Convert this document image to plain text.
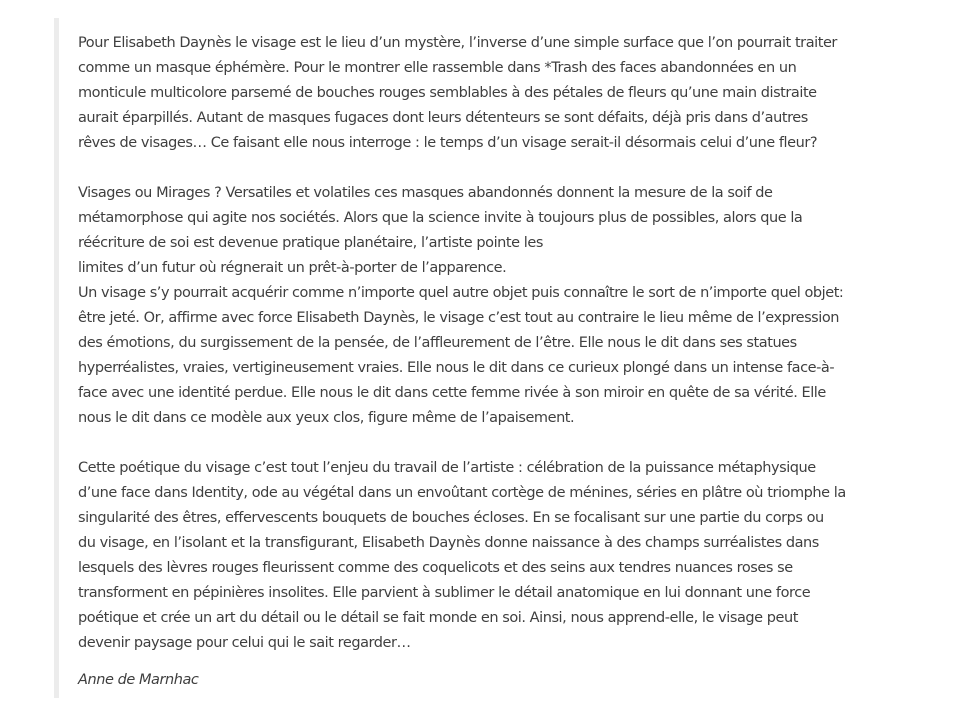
Pour Elisabeth Daynès le visage est le lieu d’un mystère, l’inverse d’une simple surface que l’on pourrait traiter
comme un masque éphémère. Pour le montrer elle rassemble dans *Trash des faces abandonnées en un
monticule multicolore parsemé de bouches rouges semblables à des pétales de fleurs qu’une main distraite
aurait éparpillés. Autant de masques fugaces dont leurs détenteurs se sont défaits, déjà pris dans d’autres
rêves de visages… Ce faisant elle nous interroge : le temps d’un visage serait-il désormais celui d’une fleur?

Visages ou Mirages ? Versatiles et volatiles ces masques abandonnés donnent la mesure de la soif de
métamorphose qui agite nos sociétés. Alors que la science invite à toujours plus de possibles, alors que la
réécriture de soi est devenue pratique planétaire, l’artiste pointe les
limites d’un futur où régnerait un prêt-à-porter de l’apparence.
Un visage s’y pourrait acquérir comme n’importe quel autre objet puis connaître le sort de n’importe quel objet:
être jeté. Or, affirme avec force Elisabeth Daynès, le visage c’est tout au contraire le lieu même de l’expression
des émotions, du surgissement de la pensée, de l’affleurement de l’être. Elle nous le dit dans ses statues
hyperréalistes, vraies, vertigineusement vraies. Elle nous le dit dans ce curieux plongé dans un intense face-à-
face avec une identité perdue. Elle nous le dit dans cette femme rivée à son miroir en quête de sa vérité. Elle
nous le dit dans ce modèle aux yeux clos, figure même de l’apaisement.

Cette poétique du visage c’est tout l’enjeu du travail de l’artiste : célébration de la puissance métaphysique
d’une face dans Identity, ode au végétal dans un envoûtant cortège de ménines, séries en plâtre où triomphe la
singularité des êtres, effervescents bouquets de bouches écloses. En se focalisant sur une partie du corps ou
du visage, en l’isolant et la transfigurant, Elisabeth Daynès donne naissance à des champs surréalistes dans
lesquels des lèvres rouges fleurissent comme des coquelicots et des seins aux tendres nuances roses se
transforment en pépinières insolites. Elle parvient à sublimer le détail anatomique en lui donnant une force
poétique et crée un art du détail ou le détail se fait monde en soi. Ainsi, nous apprend-elle, le visage peut
devenir paysage pour celui qui le sait regarder…

Anne de Marnhac
